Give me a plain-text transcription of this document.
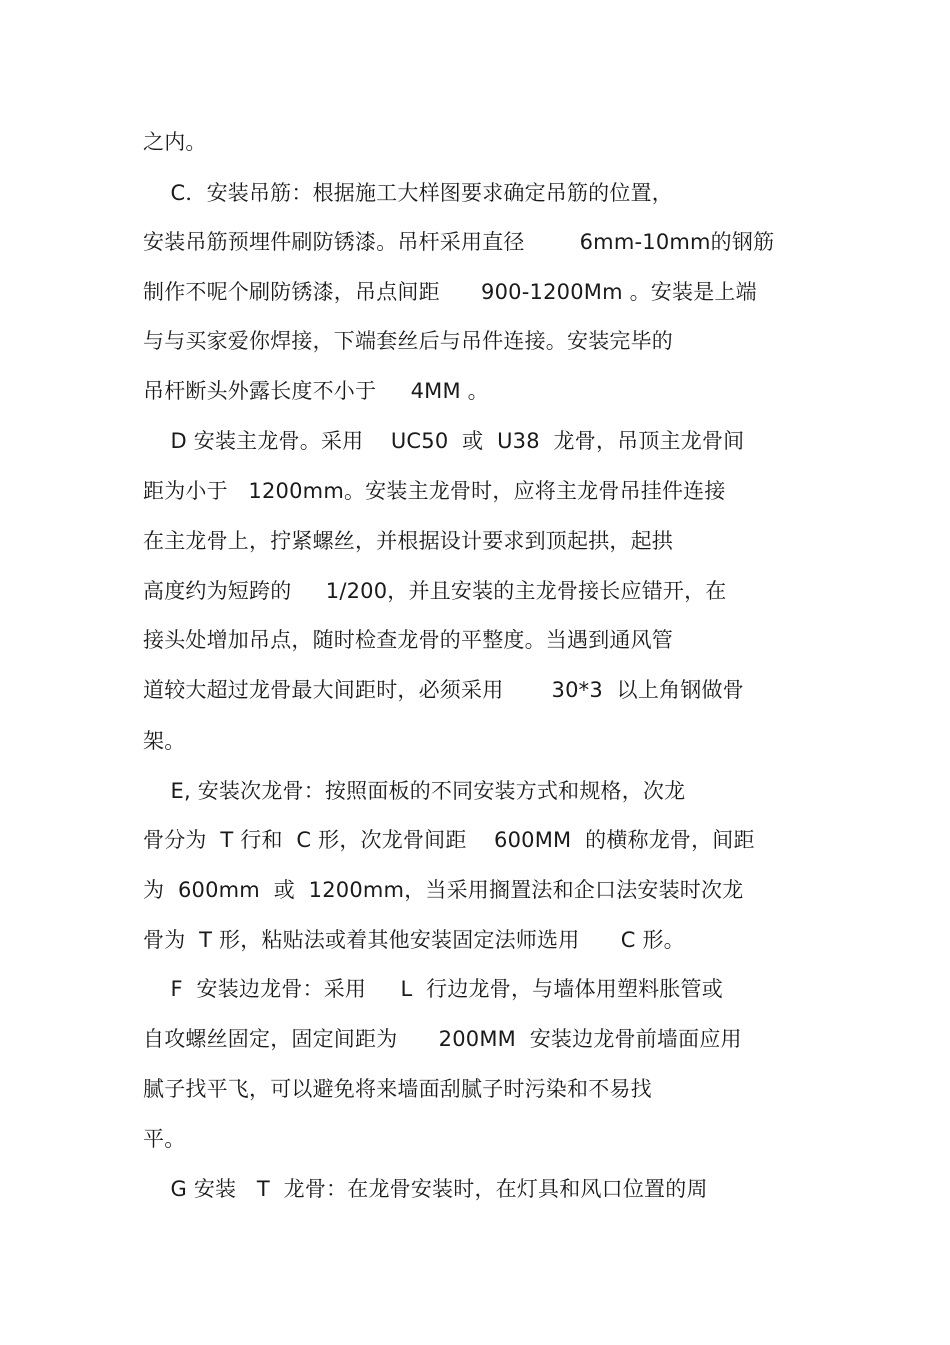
之内。

C．安装吊筋：根据施工大样图要求确定吊筋的位置，

安装吊筋预埋件刷防锈漆。吊杆采用直径        6mm-10mm的钢筋

制作不呢个刷防锈漆，吊点间距      900-1200Mm 。安装是上端

与与买家爱你焊接，下端套丝后与吊件连接。安装完毕的

吊杆断头外露长度不小于     4MM 。

D 安装主龙骨。采用    UC50  或  U38  龙骨，吊顶主龙骨间

距为小于   1200mm。安装主龙骨时，应将主龙骨吊挂件连接

在主龙骨上，拧紧螺丝，并根据设计要求到顶起拱，起拱

高度约为短跨的     1/200，并且安装的主龙骨接长应错开，在

接头处增加吊点，随时检查龙骨的平整度。当遇到通风管

道较大超过龙骨最大间距时，必须采用       30*3  以上角钢做骨

架。

E, 安装次龙骨：按照面板的不同安装方式和规格，次龙

骨分为  T 行和  C 形，次龙骨间距    600MM  的横称龙骨，间距

为  600mm  或  1200mm，当采用搁置法和企口法安装时次龙

骨为  T 形，粘贴法或着其他安装固定法师选用      C 形。

F  安装边龙骨：采用     L  行边龙骨，与墙体用塑料胀管或

自攻螺丝固定，固定间距为      200MM  安装边龙骨前墙面应用

腻子找平飞，可以避免将来墙面刮腻子时污染和不易找

平。

G 安装   T  龙骨：在龙骨安装时，在灯具和风口位置的周
